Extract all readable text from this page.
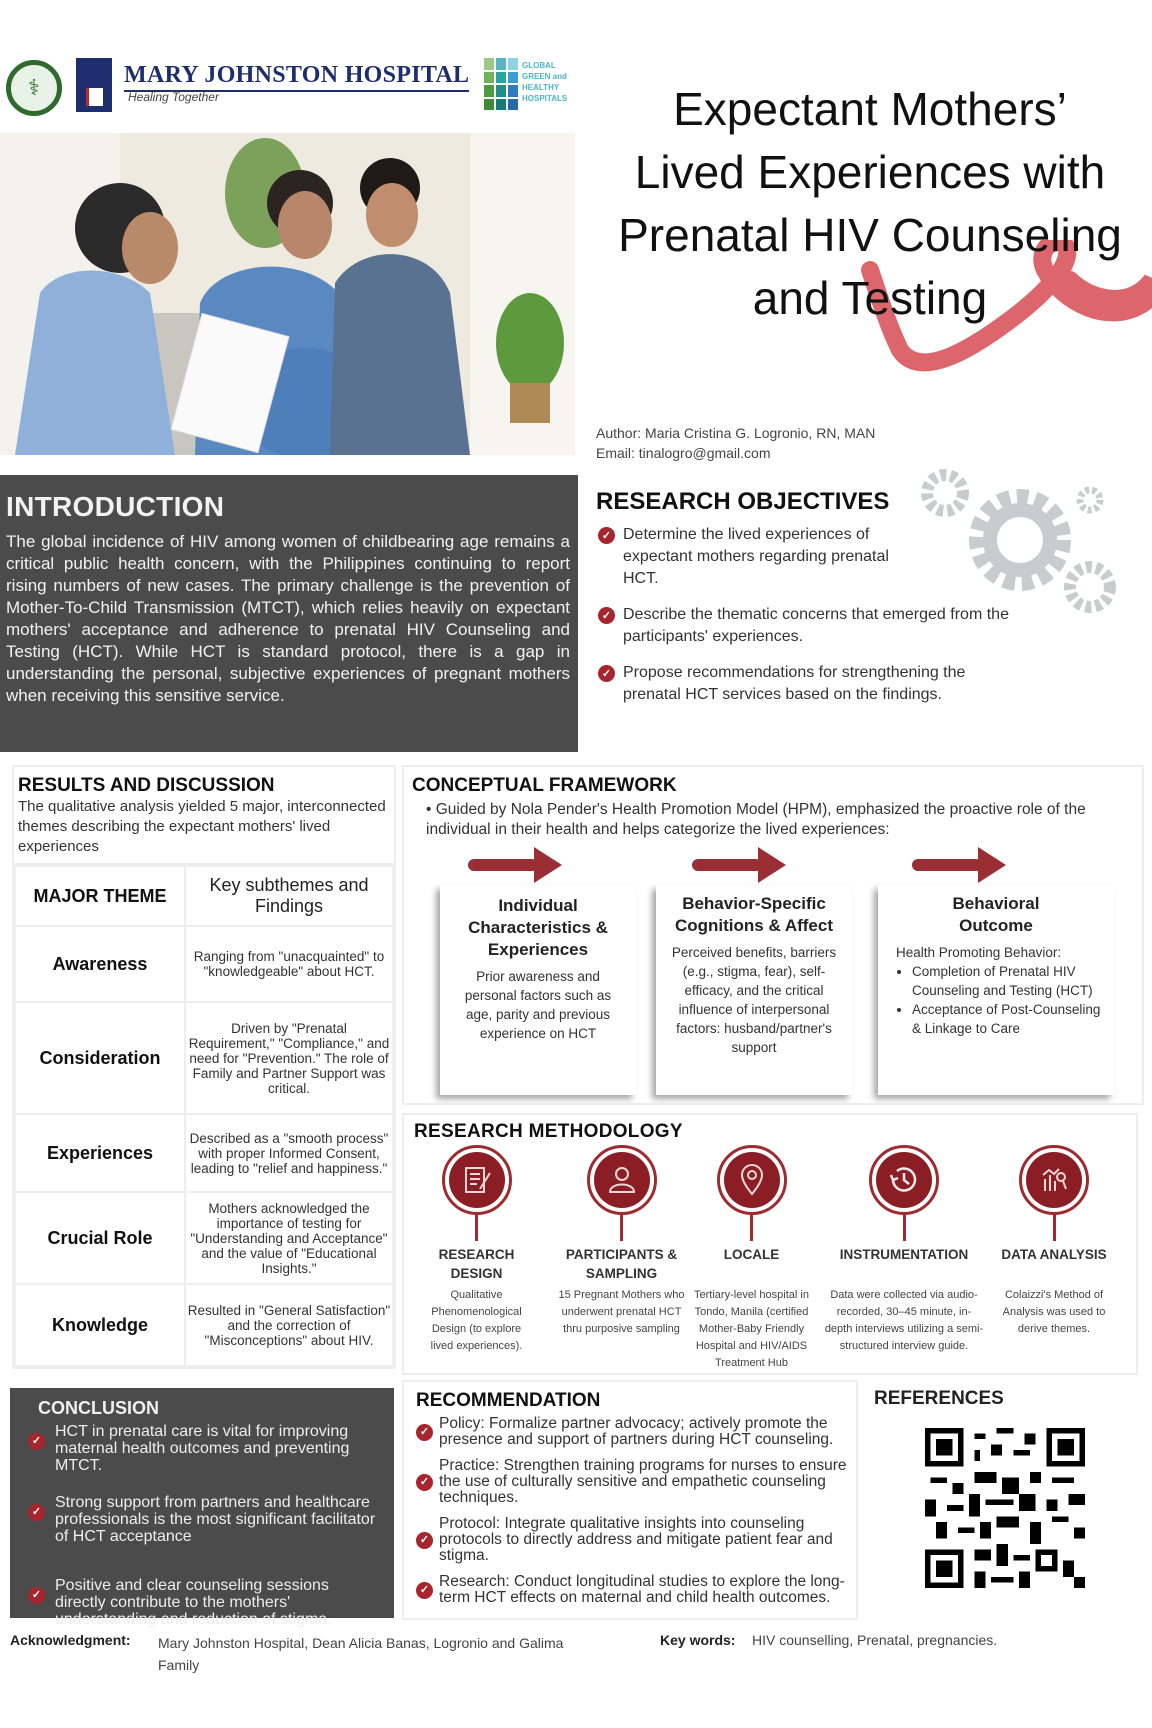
⚕	MARY JOHNSTON HOSPITAL
Healing Together
GLOBAL
GREEN and
HEALTHY
HOSPITALS	Expectant Mothers’
Lived Experiences with
Prenatal HIV Counseling
and Testing
Author: Maria Cristina G. Logronio, RN, MAN
Email: tinalogro@gmail.com
INTRODUCTION

The global incidence of HIV among women of childbearing age remains a critical public health concern, with the Philippines continuing to report rising numbers of new cases. The primary challenge is the prevention of Mother-To-Child Transmission (MTCT), which relies heavily on expectant mothers' acceptance and adherence to prenatal HIV Counseling and Testing (HCT). While HCT is standard protocol, there is a gap in understanding the personal, subjective experiences of pregnant mothers when receiving this sensitive service.

RESEARCH OBJECTIVES
✓ Determine the lived experiences of expectant mothers regarding prenatal HCT.
✓ Describe the thematic concerns that emerged from the participants' experiences.
✓ Propose recommendations for strengthening the prenatal HCT services based on the findings.
RESULTS AND DISCUSSION

The qualitative analysis yielded 5 major, interconnected themes describing the expectant mothers' lived experiences

MAJOR THEME	Key subthemes and Findings
Awareness	Ranging from "unacquainted" to "knowledgeable" about HCT.
Consideration	Driven by "Prenatal Requirement," "Compliance," and need for "Prevention." The role of Family and Partner Support was critical.
Experiences	Described as a "smooth process" with proper Informed Consent, leading to "relief and happiness."
Crucial Role	Mothers acknowledged the importance of testing for "Understanding and Acceptance" and the value of "Educational Insights."
Knowledge	Resulted in "General Satisfaction" and the correction of "Misconceptions" about HIV.
CONCEPTUAL FRAMEWORK
• Guided by Nola Pender's Health Promotion Model (HPM), emphasized the proactive role of the individual in their health and helps categorize the lived experiences:
Individual Characteristics & Experiences

Prior awareness and personal factors such as age, parity and previous experience on HCT

Behavior-Specific Cognitions & Affect

Perceived benefits, barriers (e.g., stigma, fear), self-efficacy, and the critical influence of interpersonal factors: husband/partner's support

Behavioral Outcome
Health Promoting Behavior:
• Completion of Prenatal HIV Counseling and Testing (HCT)
• Acceptance of Post-Counseling & Linkage to Care
RESEARCH METHODOLOGY
RESEARCH DESIGN

Qualitative Phenomenological Design (to explore lived experiences).

PARTICIPANTS & SAMPLING

15 Pregnant Mothers who underwent prenatal HCT thru purposive sampling

LOCALE

Tertiary-level hospital in Tondo, Manila (certified Mother-Baby Friendly Hospital and HIV/AIDS Treatment Hub

INSTRUMENTATION

Data were collected via audio-recorded, 30–45 minute, in-depth interviews utilizing a semi-structured interview guide.

DATA ANALYSIS

Colaizzi's Method of Analysis was used to derive themes.

CONCLUSION
✓
HCT in prenatal care is vital for improving maternal health outcomes and preventing MTCT.
✓
Strong support from partners and healthcare professionals is the most significant facilitator of HCT acceptance
✓
Positive and clear counseling sessions directly contribute to the mothers' understanding and reduction of stigma.
RECOMMENDATION
✓ Policy: Formalize partner advocacy; actively promote the presence and support of partners during HCT counseling.
✓
Practice: Strengthen training programs for nurses to ensure the use of culturally sensitive and empathetic counseling techniques.
✓
Protocol: Integrate qualitative insights into counseling protocols to directly address and mitigate patient fear and stigma.
✓ Research: Conduct longitudinal studies to explore the long-term HCT effects on maternal and child health outcomes.
REFERENCES
Acknowledgment: Mary Johnston Hospital, Dean Alicia Banas, Logronio and Galima Family
Key words: HIV counselling, Prenatal, pregnancies.
